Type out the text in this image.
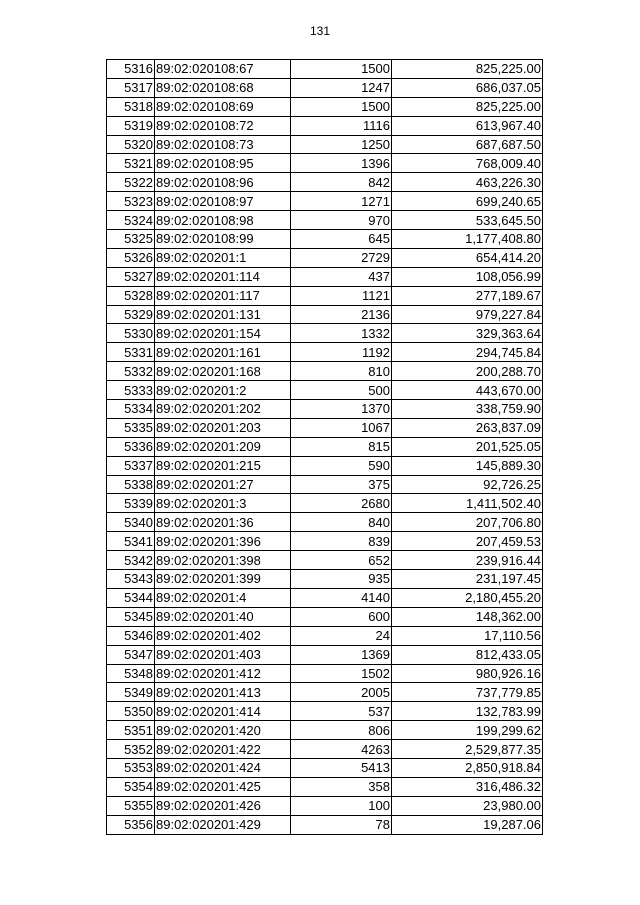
131
5316	89:02:020108:67	1500	825,225.00
5317	89:02:020108:68	1247	686,037.05
5318	89:02:020108:69	1500	825,225.00
5319	89:02:020108:72	1116	613,967.40
5320	89:02:020108:73	1250	687,687.50
5321	89:02:020108:95	1396	768,009.40
5322	89:02:020108:96	842	463,226.30
5323	89:02:020108:97	1271	699,240.65
5324	89:02:020108:98	970	533,645.50
5325	89:02:020108:99	645	1,177,408.80
5326	89:02:020201:1	2729	654,414.20
5327	89:02:020201:114	437	108,056.99
5328	89:02:020201:117	1121	277,189.67
5329	89:02:020201:131	2136	979,227.84
5330	89:02:020201:154	1332	329,363.64
5331	89:02:020201:161	1192	294,745.84
5332	89:02:020201:168	810	200,288.70
5333	89:02:020201:2	500	443,670.00
5334	89:02:020201:202	1370	338,759.90
5335	89:02:020201:203	1067	263,837.09
5336	89:02:020201:209	815	201,525.05
5337	89:02:020201:215	590	145,889.30
5338	89:02:020201:27	375	92,726.25
5339	89:02:020201:3	2680	1,411,502.40
5340	89:02:020201:36	840	207,706.80
5341	89:02:020201:396	839	207,459.53
5342	89:02:020201:398	652	239,916.44
5343	89:02:020201:399	935	231,197.45
5344	89:02:020201:4	4140	2,180,455.20
5345	89:02:020201:40	600	148,362.00
5346	89:02:020201:402	24	17,110.56
5347	89:02:020201:403	1369	812,433.05
5348	89:02:020201:412	1502	980,926.16
5349	89:02:020201:413	2005	737,779.85
5350	89:02:020201:414	537	132,783.99
5351	89:02:020201:420	806	199,299.62
5352	89:02:020201:422	4263	2,529,877.35
5353	89:02:020201:424	5413	2,850,918.84
5354	89:02:020201:425	358	316,486.32
5355	89:02:020201:426	100	23,980.00
5356	89:02:020201:429	78	19,287.06
